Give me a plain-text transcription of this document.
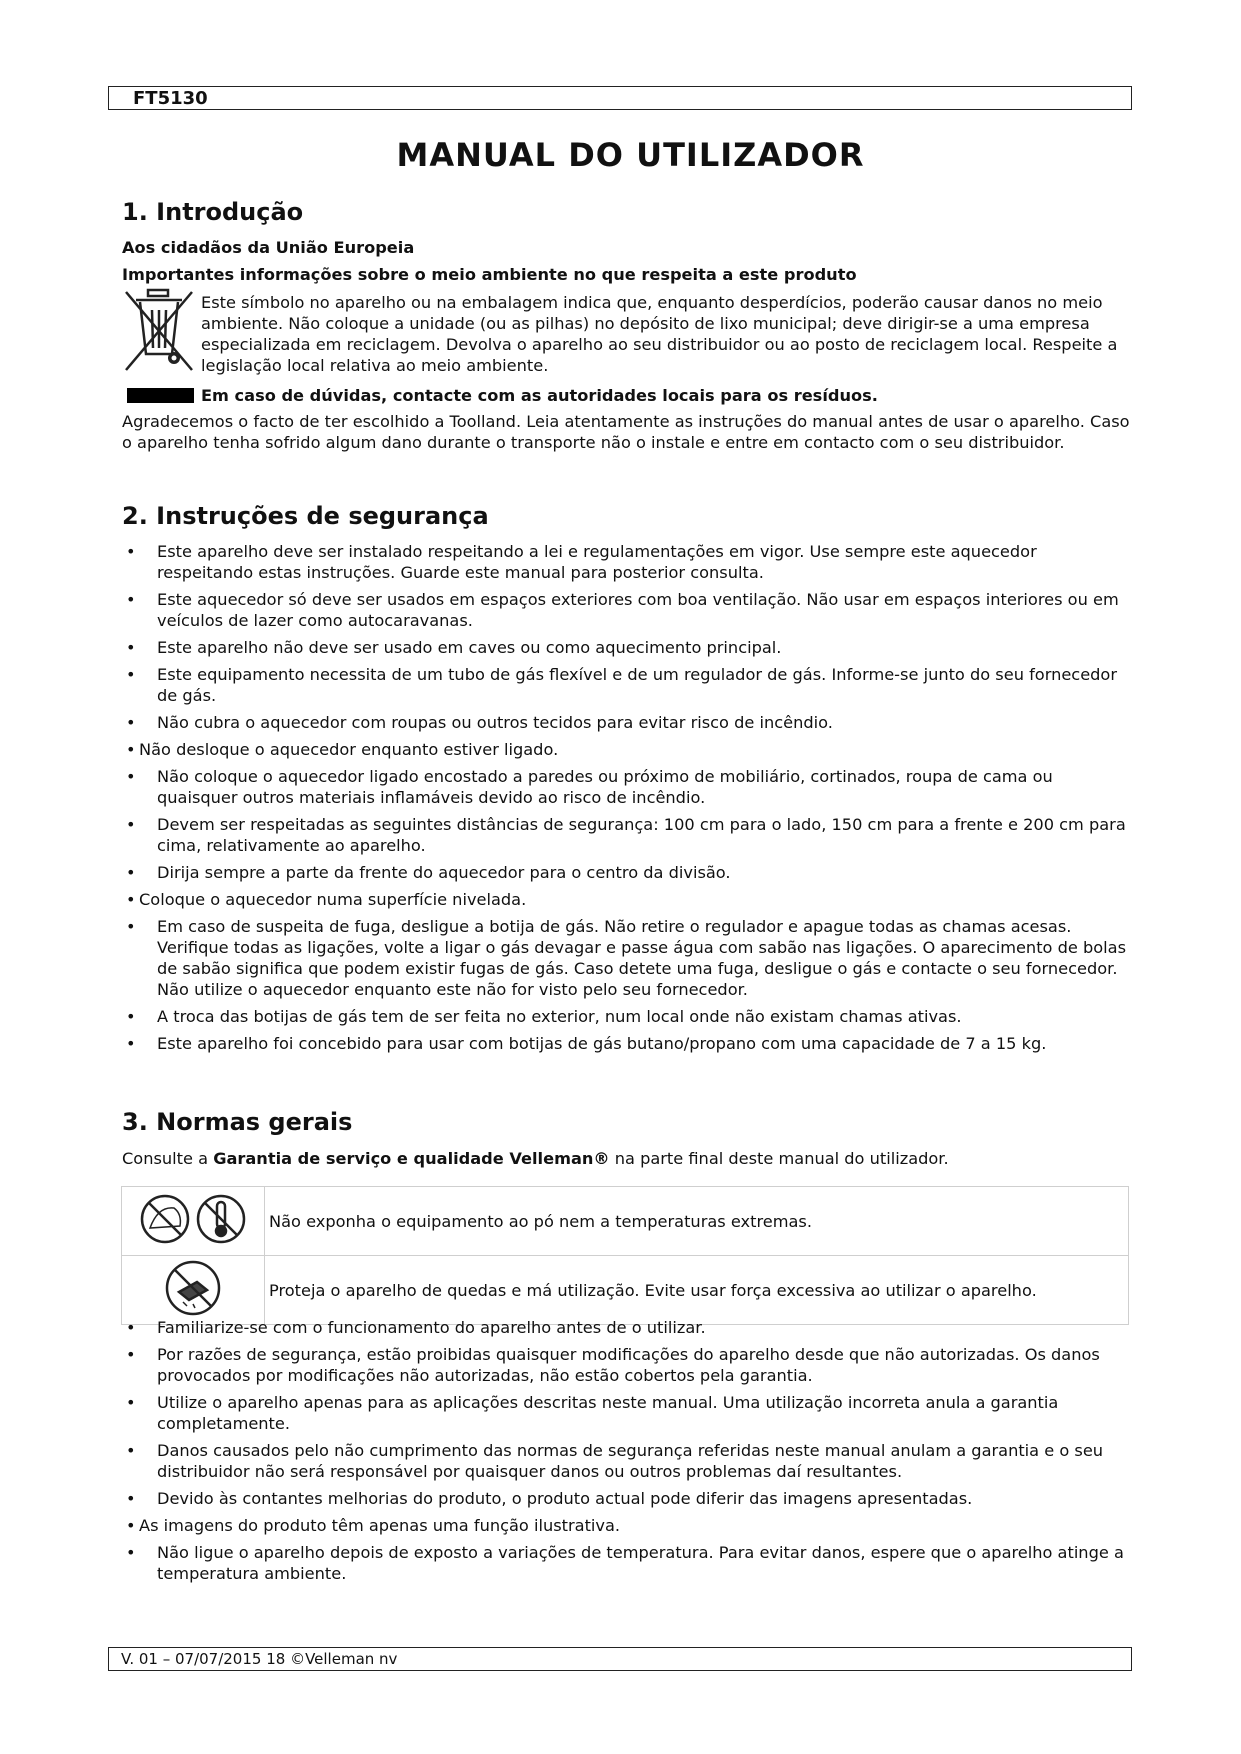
FT5130
MANUAL DO UTILIZADOR
1. Introdução

Aos cidadãos da União Europeia

Importantes informações sobre o meio ambiente no que respeita a este produto

Este símbolo no aparelho ou na embalagem indica que, enquanto desperdícios, poderão causar danos no meio ambiente. Não coloque a unidade (ou as pilhas) no depósito de lixo municipal; deve dirigir-se a uma empresa especializada em reciclagem. Devolva o aparelho ao seu distribuidor ou ao posto de reciclagem local. Respeite a legislação local relativa ao meio ambiente.

Em caso de dúvidas, contacte com as autoridades locais para os resíduos.

Agradecemos o facto de ter escolhido a Toolland. Leia atentamente as instruções do manual antes de usar o aparelho. Caso o aparelho tenha sofrido algum dano durante o transporte não o instale e entre em contacto com o seu distribuidor.

2. Instruções de segurança
• Este aparelho deve ser instalado respeitando a lei e regulamentações em vigor. Use sempre este aquecedor respeitando estas instruções. Guarde este manual para posterior consulta.
• Este aquecedor só deve ser usados em espaços exteriores com boa ventilação. Não usar em espaços interiores ou em veículos de lazer como autocaravanas.
• Este aparelho não deve ser usado em caves ou como aquecimento principal.
• Este equipamento necessita de um tubo de gás flexível e de um regulador de gás. Informe-se junto do seu fornecedor de gás.
• Não cubra o aquecedor com roupas ou outros tecidos para evitar risco de incêndio.
• Não desloque o aquecedor enquanto estiver ligado.
• Não coloque o aquecedor ligado encostado a paredes ou próximo de mobiliário, cortinados, roupa de cama ou quaisquer outros materiais inflamáveis devido ao risco de incêndio.
• Devem ser respeitadas as seguintes distâncias de segurança: 100 cm para o lado, 150 cm para a frente e 200 cm para cima, relativamente ao aparelho.
• Dirija sempre a parte da frente do aquecedor para o centro da divisão.
• Coloque o aquecedor numa superfície nivelada.
• Em caso de suspeita de fuga, desligue a botija de gás. Não retire o regulador e apague todas as chamas acesas. Verifique todas as ligações, volte a ligar o gás devagar e passe água com sabão nas ligações. O aparecimento de bolas de sabão significa que podem existir fugas de gás. Caso detete uma fuga, desligue o gás e contacte o seu fornecedor. Não utilize o aquecedor enquanto este não for visto pelo seu fornecedor.
• A troca das botijas de gás tem de ser feita no exterior, num local onde não existam chamas ativas.
• Este aparelho foi concebido para usar com botijas de gás butano/propano com uma capacidade de 7 a 15 kg.
3. Normas gerais

Consulte a Garantia de serviço e qualidade Velleman® na parte final deste manual do utilizador.

	Não exponha o equipamento ao pó nem a temperaturas extremas.
	Proteja o aparelho de quedas e má utilização. Evite usar força excessiva ao utilizar o aparelho.
• Familiarize-se com o funcionamento do aparelho antes de o utilizar.
• Por razões de segurança, estão proibidas quaisquer modificações do aparelho desde que não autorizadas. Os danos provocados por modificações não autorizadas, não estão cobertos pela garantia.
• Utilize o aparelho apenas para as aplicações descritas neste manual. Uma utilização incorreta anula a garantia completamente.
• Danos causados pelo não cumprimento das normas de segurança referidas neste manual anulam a garantia e o seu distribuidor não será responsável por quaisquer danos ou outros problemas daí resultantes.
• Devido às contantes melhorias do produto, o produto actual pode diferir das imagens apresentadas.
• As imagens do produto têm apenas uma função ilustrativa.
• Não ligue o aparelho depois de exposto a variações de temperatura. Para evitar danos, espere que o aparelho atinge a temperatura ambiente.
V. 01 – 07/07/2015 18 ©Velleman nv
